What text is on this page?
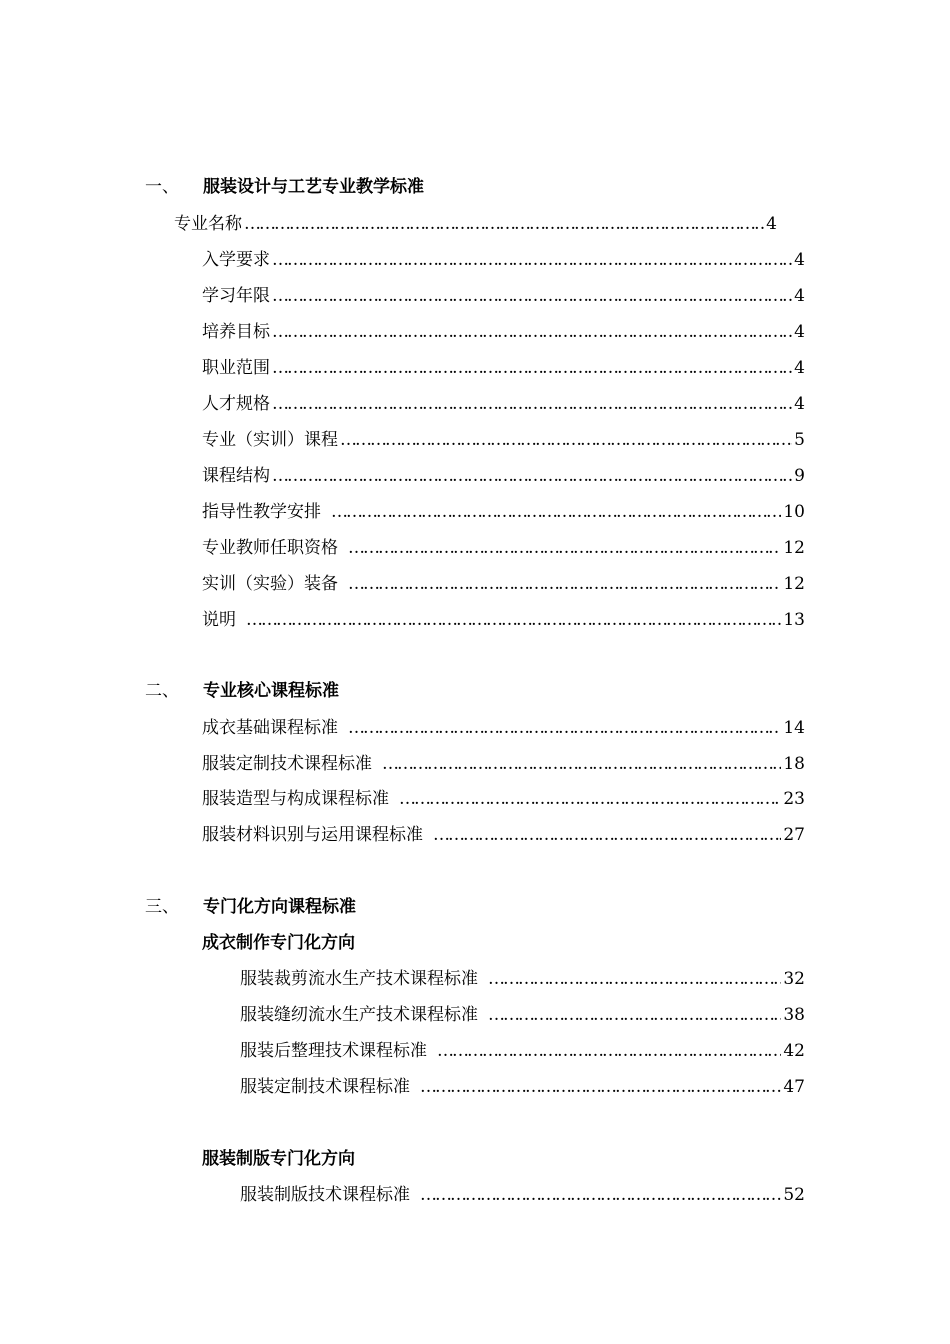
一、 服装设计与工艺专业教学标准
专业名称 …………………………………………………………………………………………………………………………………………………………	4
入学要求 …………………………………………………………………………………………………………………………………………………………	4
学习年限 …………………………………………………………………………………………………………………………………………………………	4
培养目标 …………………………………………………………………………………………………………………………………………………………	4
职业范围 …………………………………………………………………………………………………………………………………………………………	4
人才规格 …………………………………………………………………………………………………………………………………………………………	4
专业（实训）课程 …………………………………………………………………………………………………………………………………………………………	5
课程结构 …………………………………………………………………………………………………………………………………………………………	9
指导性教学安排 …………………………………………………………………………………………………………………………………………………………	10
专业教师任职资格 …………………………………………………………………………………………………………………………………………………………	12
实训（实验）装备 …………………………………………………………………………………………………………………………………………………………	12
说明 …………………………………………………………………………………………………………………………………………………………	13
二、 专业核心课程标准
成衣基础课程标准 …………………………………………………………………………………………………………………………………………………………	14
服装定制技术课程标准 …………………………………………………………………………………………………………………………………………………………	18
服装造型与构成课程标准 …………………………………………………………………………………………………………………………………………………………	23
服装材料识别与运用课程标准 …………………………………………………………………………………………………………………………………………………………	27
三、 专门化方向课程标准
成衣制作专门化方向
服装裁剪流水生产技术课程标准 …………………………………………………………………………………………………………………………………………………………	32
服装缝纫流水生产技术课程标准 …………………………………………………………………………………………………………………………………………………………	38
服装后整理技术课程标准 …………………………………………………………………………………………………………………………………………………………	42
服装定制技术课程标准 …………………………………………………………………………………………………………………………………………………………	47
服装制版专门化方向
服装制版技术课程标准 …………………………………………………………………………………………………………………………………………………………	52
